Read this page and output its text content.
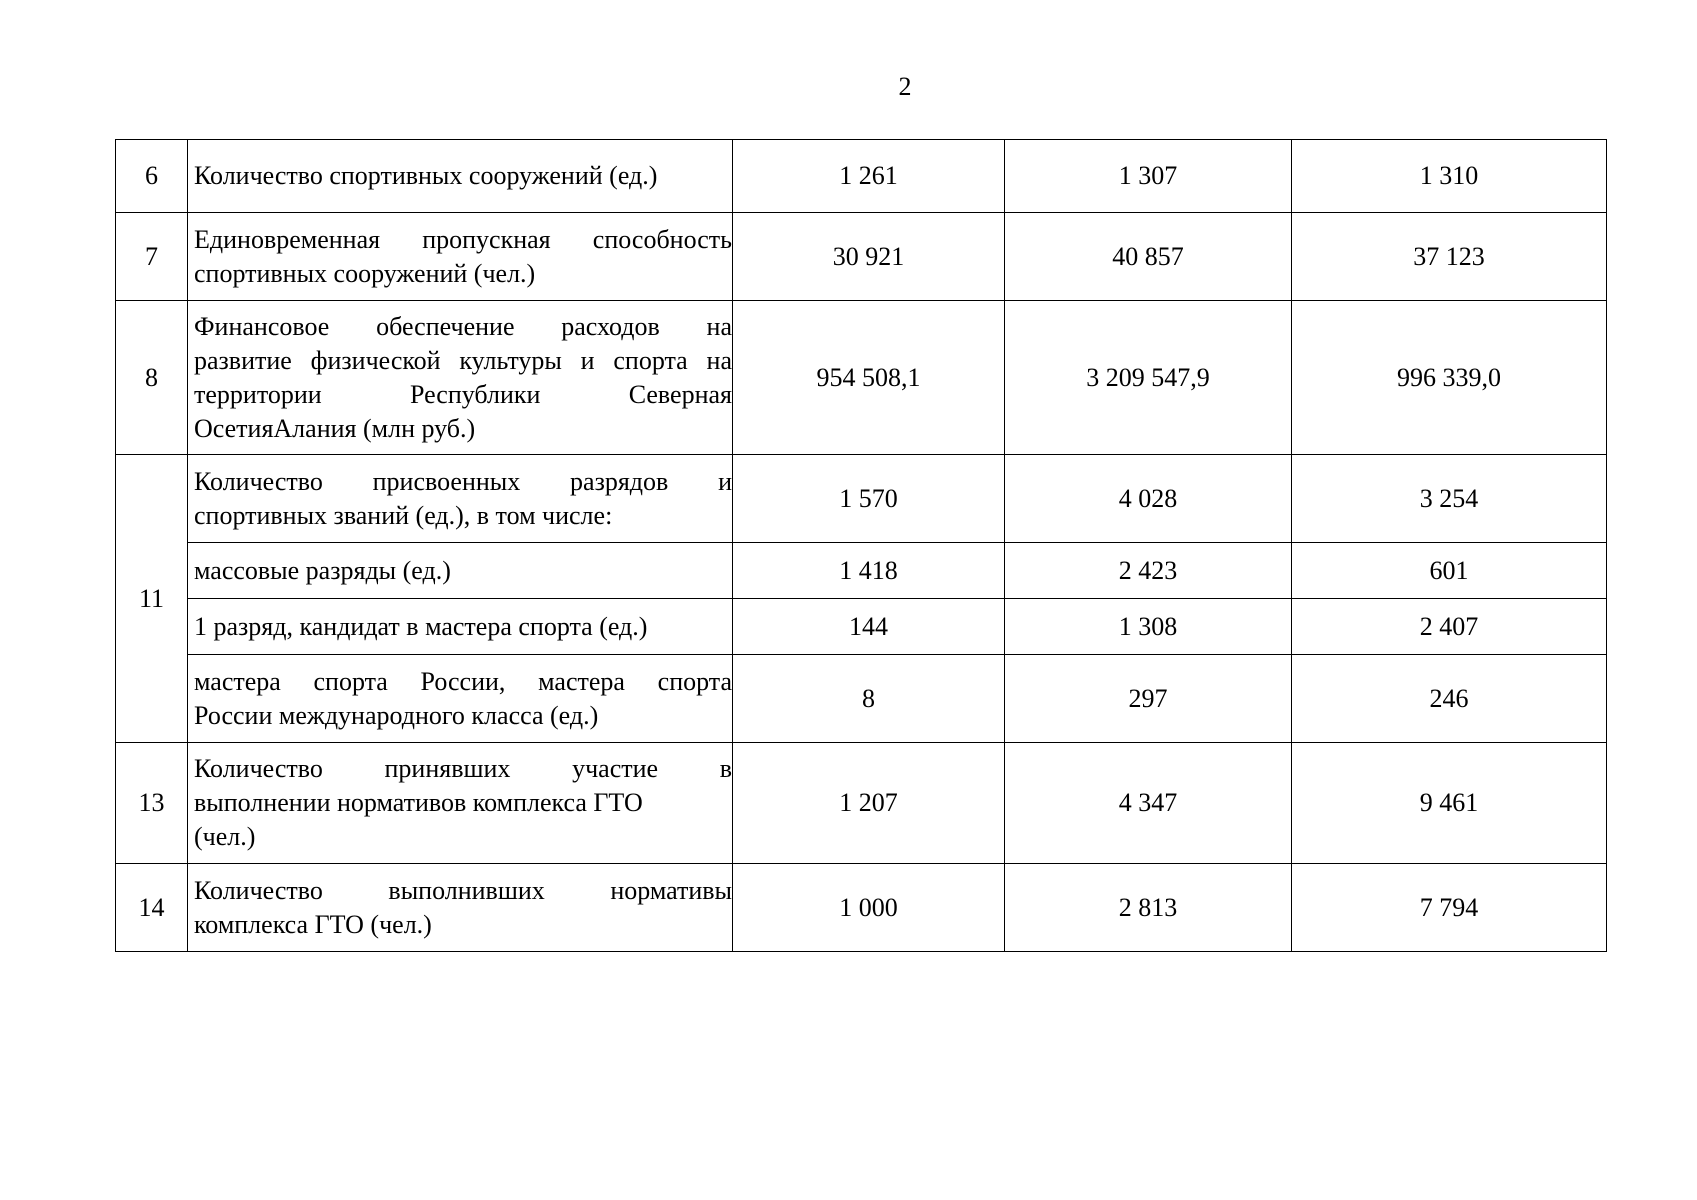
2
6	Количество спортивных сооружений (ед.)	1 261	1 307	1 310
7	Единовременная пропускная способность
спортивных сооружений (чел.)	30 921	40 857	37 123
8	Финансовое обеспечение расходов на
развитие физической культуры и спорта на
территории Республики Северная
ОсетияАлания (млн руб.)	954 508,1	3 209 547,9	996 339,0
11	Количество присвоенных разрядов и
спортивных званий (ед.), в том числе:	1 570	4 028	3 254

	массовые разряды (ед.)	1 418	2 423	601

	1 разряд, кандидат в мастера спорта (ед.)	144	1 308	2 407

	мастера спорта России, мастера спорта
России международного класса (ед.)	8	297	246
13	Количество принявших участие в
выполнении нормативов комплекса ГТО
(чел.)	1 207	4 347	9 461
14	Количество выполнивших нормативы
комплекса ГТО (чел.)	1 000	2 813	7 794
